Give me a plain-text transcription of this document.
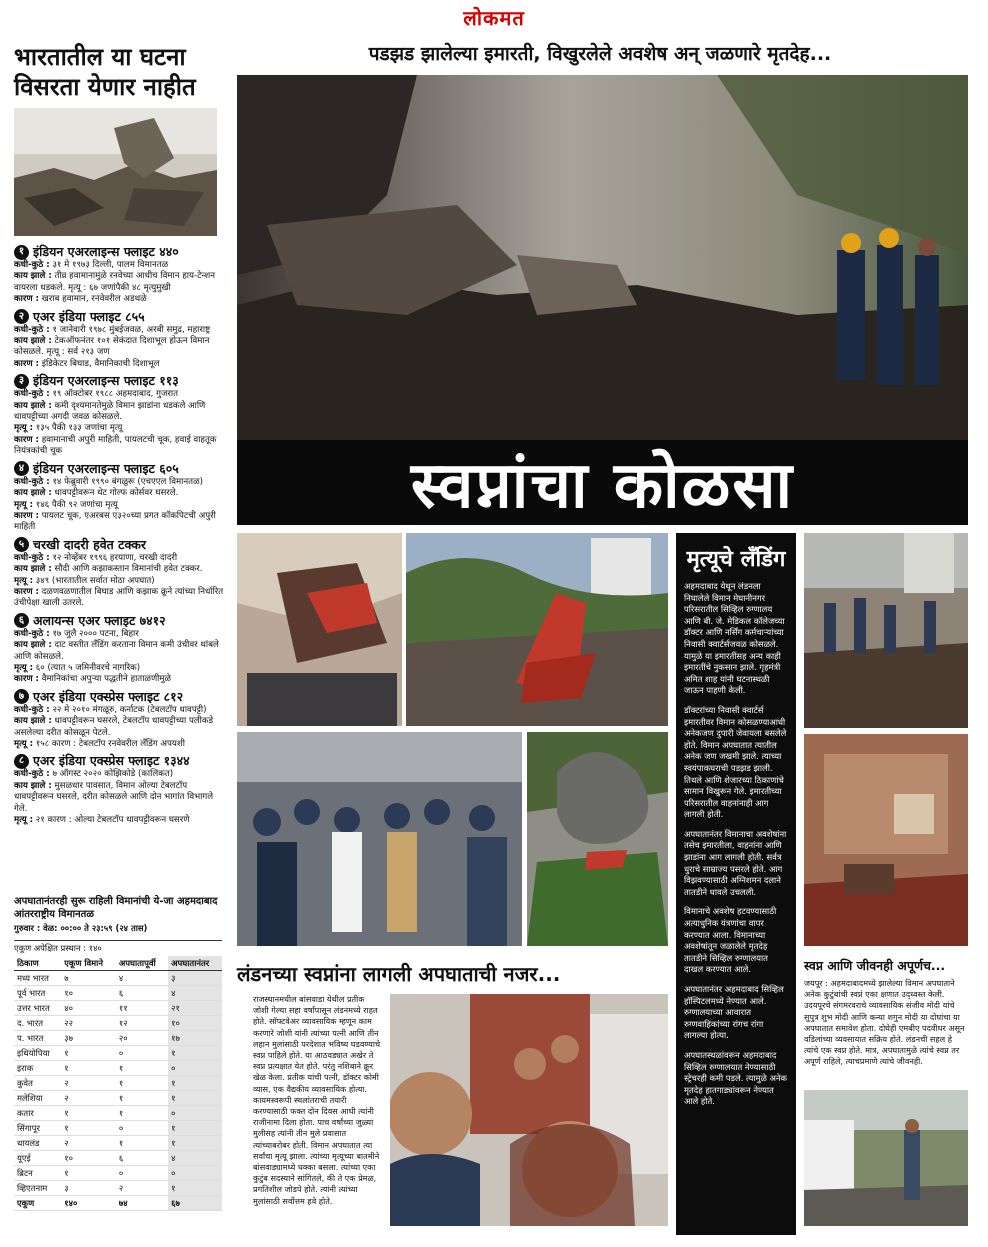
लोकमत
भारतातील या घटना विसरता येणार नाहीत
१ इंडियन एअरलाइन्स फ्लाइट ४४०
कधी-कुठे : ३१ मे १९७३ दिल्ली, पालम विमानतळ
काय झाले : तीव्र हवामानामुळे रनवेच्या आधीच विमान हाय-टेन्शन वायरला धडकले. मृत्यू : ६७ जणांपैकी ४८ मृत्युमुखी
कारण : खराब हवामान, रनवेवरील अडथळे
२ एअर इंडिया फ्लाइट ८५५
कधी-कुठे : १ जानेवारी १९७८ मुंबईजवळ, अरबी समुद्र, महाराष्ट्र
काय झाले : टेकऑफनंतर १०१ सेकंदात दिशाभूल होऊन विमान कोसळले. मृत्यू : सर्व २१३ जण
कारण : इंडिकेटर बिघाड, वैमानिकाची दिशाभूल
३ इंडियन एअरलाइन्स फ्लाइट ११३
कधी-कुठे : १९ ऑक्टोबर १९८८ अहमदाबाद, गुजरात
काय झाले : कमी दृश्यमानतेमुळे विमान झाडांना धडकले आणि धावपट्टीच्या अगदी जवळ कोसळले.
मृत्यू : १३५ पैकी १३३ जणांचा मृत्यू
कारण : हवामानाची अपुरी माहिती, पायलटची चूक, हवाई वाहतूक नियंत्रकांची चूक
४ इंडियन एअरलाइन्स फ्लाइट ६०५
कधी-कुठे : १४ फेब्रुवारी १९९० बंगळुरू (एचएएल विमानतळ)
काय झाले : धावपट्टीवरून थेट गोल्फ कोर्सवर घसरले.
मृत्यू : १४६ पैकी ९२ जणांचा मृत्यू
कारण : पायलट चूक, एअरबस ए३२०च्या प्रगत कॉकपिटची अपुरी माहिती
५ चरखी दादरी हवेत टक्कर
कधी-कुठे : १२ नोव्हेंबर १९९६ हरयाणा, चरखी दादरी
काय झाले : सौदी आणि कझाकस्तान विमानांची हवेत टक्कर.
मृत्यू : ३४९ (भारतातील सर्वात मोठा अपघात)
कारण : दळणवळणातील बिघाड आणि कझाक क्रूने त्यांच्या निर्धारित उंचीपेक्षा खाली उतरले.
६ अलायन्स एअर फ्लाइट ७४१२
कधी-कुठे : १७ जुलै २००० पटना, बिहार
काय झाले : दाट वस्तीत लँडिंग करताना विमान कमी उंचीवर थांबले आणि कोसळले.
मृत्यू : ६० (त्यात ५ जमिनीवरचे नागरिक)
कारण : वैमानिकांचा अपुऱ्या पद्धतीने हाताळणीमुळे
७ एअर इंडिया एक्स्प्रेस फ्लाइट ८१२
कधी-कुठे : २२ मे २०१० मंगळूरु, कर्नाटक (टेबलटॉप धावपट्टी)
काय झाले : धावपट्टीवरून घसरले, टेबलटॉप धावपट्टीच्या पलीकडे असलेल्या दरीत कोसळून पेटले.
मृत्यू : १५८ कारण : टेबलटॉप रनवेवरील लँडिंग अपयशी
८ एअर इंडिया एक्स्प्रेस फ्लाइट १३४४
कधी-कुठे : ७ ऑगस्ट २०२० कोझिकोडे (कालिकत)
काय झाले : मुसळधार पावसात, विमान ओल्या टेबलटॉप धावपट्टीवरून घसरले, दरीत कोसळले आणि दोन भागांत विभागले गेले.
मृत्यू : २१ कारण : ओल्या टेबलटॉप धावपट्टीवरून घसरणे
अपघातानंतरही सुरू राहिली विमानांची ये-जा अहमदाबाद आंतरराष्ट्रीय विमानतळ
गुरुवार : वेळ: ००:०० ते २३:५९ (२४ तास)
एकूण अपेक्षित प्रस्थान : १४०
ठिकाण	एकूण विमाने	अपघातापूर्वी	अपघातानंतर
मध्य भारत	७	४	३
पूर्व भारत	१०	६	४
उत्तर भारत	४०	११	२१
द. भारत	२२	१२	१०
प. भारत	३७	२०	१७
इथियोपिया	१	०	१
इराक	१	१	०
कुवेत	२	१	१
मलेशिया	२	१	१
कतार	१	१	०
सिंगापूर	१	०	१
थायलंड	२	१	१
यूएई	१०	६	४
ब्रिटन	१	०	०
व्हिएतनाम	३	२	१
एकूण	१४०	७४	६७
पडझड झालेल्या इमारती, विखुरलेले अवशेष अन् जळणारे मृतदेह...
स्वप्नांचा कोळसा
मृत्यूचे लँडिंग

अहमदाबाद येथून लंडनला निघालेले विमान मेघानीनगर परिसरातील सिव्हिल रुग्णालय आणि बी. जे. मेडिकल कॉलेजच्या डॉक्टर आणि नर्सिंग कर्मचाऱ्यांच्या निवासी क्वार्टर्सजवळ कोसळले. यामुळे या इमारतींसह अन्य काही इमारतींचे नुकसान झाले. गृहमंत्री अमित शाह यांनी घटनास्थळी जाऊन पाहणी केली.

डॉक्टरांच्या निवासी क्वार्टर्स इमारतीवर विमान कोसळण्याआधी अनेकजण दुपारी जेवायला बसलेले होते. विमान अपघातात त्यातील अनेक जण जखमी झाले. त्याच्या स्वयंपाकघराची पडझड झाली. तिथले आणि शेजारच्या ठिकाणांचे सामान विखुरून गेले. इमारतीच्या परिसरातील वाहनांनाही आग लागली होती.

अपघातानंतर विमानाचा अवशेषांना तसेच इमारतीला, वाहनांना आणि झाडांना आग लागली होती. सर्वत्र धुराचे साम्राज्य पसरले होते. आग विझवण्यासाठी अग्निशमन दलाने तातडीने धावले उचलली.

विमानाचे अवशेष हटवण्यासाठी अत्याधुनिक यंत्रणांचा वापर करण्यात आला. विमानाच्या अवशेषांतून जळालेले मृतदेह तातडीने सिव्हिल रुग्णालयात दाखल करण्यात आले.

अपघातानंतर अहमदाबाद सिव्हिल हॉस्पिटलमध्ये नेण्यात आले. रुग्णालयाच्या आवारात रुग्णवाहिकांच्या रांगच रांगा लागल्या होत्या.

अपघातस्थळांवरून अहमदाबाद सिव्हिल रुग्णालयात नेण्यासाठी स्ट्रेचरही कमी पडले. त्यामुळे अनेक मृतदेह हातगाड्यांवरून नेण्यात आले होते.

लंडनच्या स्वप्नांना लागली अपघाताची नजर...
राजस्थानमधील बांसवाडा येथील प्रतीक जोशी गेल्या सहा वर्षांपासून लंडनमध्ये राहत होते. सॉफ्टवेअर व्यावसायिक म्हणून काम करणारे जोशी यांनी त्यांच्या पत्नी आणि तीन लहान मुलांसाठी परदेशात भविष्य घडवण्याचे स्वप्न पाहिले होते. या आठवड्यात अखेर ते स्वप्न प्रत्यक्षात येत होते. परंतु नशिबाने क्रूर खेळ केला. प्रतीक यांची पत्नी, डॉक्टर कोमी व्यास, एक वैद्यकीय व्यावसायिक होत्या. कायमस्वरूपी स्थलांतराची तयारी करण्यासाठी फक्त दोन दिवस आधी त्यांनी राजीनामा दिला होता. पाच वर्षांच्या जुळ्या मुलीसह त्यांनी तीन मुले प्रवासात त्यांच्याबरोबर होती. विमान अपघातात त्या सर्वांचा मृत्यू झाला. त्यांच्या मृत्यूच्या बातमीने बांसवाड्यामध्ये धक्का बसला. त्यांच्या एका कुटुंब सदस्याने सांगितले, की ते एक प्रेमळ, प्रगतिशील जोडपे होते. त्यांनी त्यांच्या मुलांसाठी सर्वोत्तम हवे होते.
स्वप्न आणि जीवनही अपूर्णच...
जयपूर : अहमदाबादमध्ये झालेल्या विमान अपघाताने अनेक कुटुंबांची स्वप्नं एका क्षणात उद्ध्वस्त केली. उदयपूरचे संगमरवराचे व्यावसायिक संजीव मोदी यांचे सुपुत्र शुभ मोदी आणि कन्या शगुन मोदी या दोघांचा या अपघातात समावेश होता. दोघेही एमबीए पदवीधर असून वडिलांच्या व्यवसायात सक्रिय होते. लंडनची सहल हे त्यांचे एक स्वप्न होते. मात्र, अपघातामुळे त्यांचे स्वप्न तर अपूर्ण राहिले, त्याचप्रमाणे त्यांचे जीवनही.
